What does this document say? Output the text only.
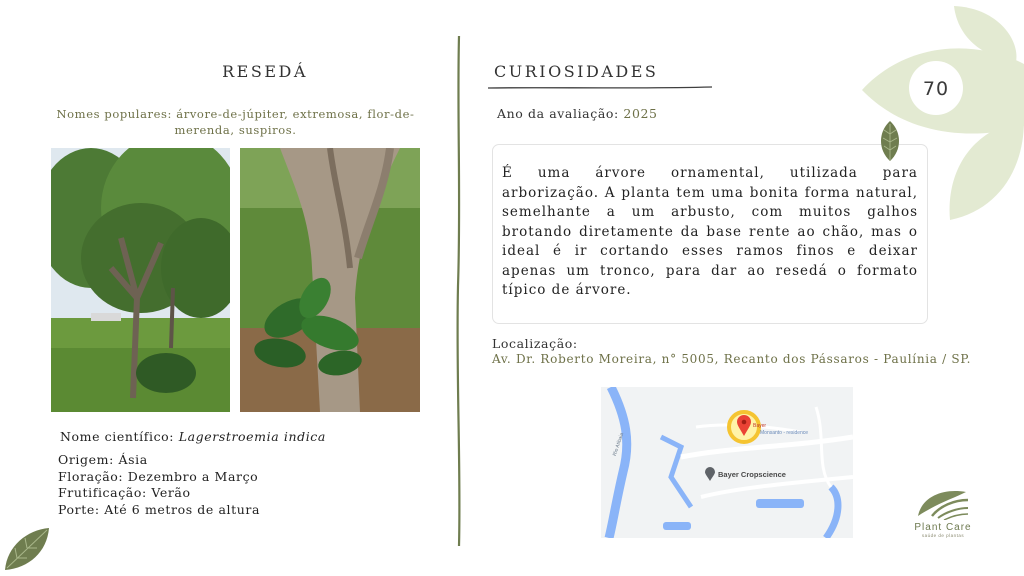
RESEDÁ
Nomes populares: árvore-de-júpiter, extremosa, flor-de-merenda, suspiros.
Nome científico: Lagerstroemia indica
Origem: Ásia
Floração: Dezembro a Março
Frutificação: Verão
Porte: Até 6 metros de altura
CURIOSIDADES
Ano da avaliação: 2025
É uma árvore ornamental, utilizada para arborização. A planta tem uma bonita forma natural, semelhante a um arbusto, com muitos galhos brotando diretamente da base rente ao chão, mas o ideal é ir cortando esses ramos finos e deixar apenas um tronco, para dar ao resedá o formato típico de árvore.
Localização:
Av. Dr. Roberto Moreira, n° 5005, Recanto dos Pássaros - Paulínia / SP.
Bayer Cropscience
Bayer
Monsanto - residence
Rio Atibaia
70
Plant Care
saúde de plantas
